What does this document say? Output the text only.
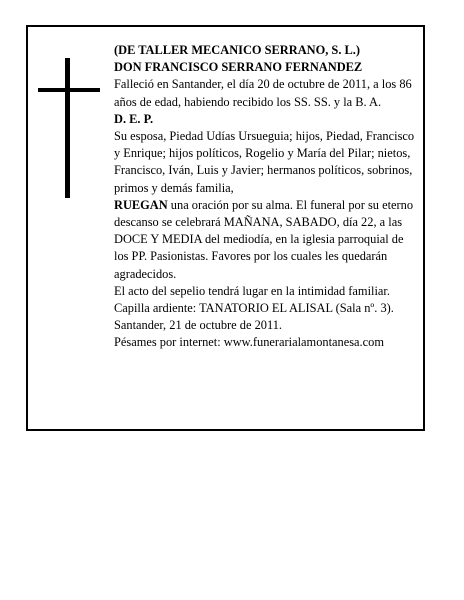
(DE TALLER MECANICO SERRANO, S. L.)

DON FRANCISCO SERRANO FERNANDEZ

Falleció en Santander, el día 20 de octubre de 2011, a los 86 años de edad, habiendo recibido los SS. SS. y la B. A.

D. E. P.

Su esposa, Piedad Udías Ursueguia; hijos, Piedad, Francisco y Enrique; hijos políticos, Rogelio y María del Pilar; nietos, Francisco, Iván, Luis y Javier; hermanos políticos, sobrinos, primos y demás familia,

RUEGAN una oración por su alma. El funeral por su eterno descanso se celebrará MAÑANA, SABADO, día 22, a las DOCE Y MEDIA del mediodía, en la iglesia parroquial de los PP. Pasionistas. Favores por los cuales les quedarán agradecidos.

El acto del sepelio tendrá lugar en la intimidad familiar.

Capilla ardiente: TANATORIO EL ALISAL (Sala nº. 3).

Santander, 21 de octubre de 2011.

Pésames por internet: www.funerarialamontanesa.com
